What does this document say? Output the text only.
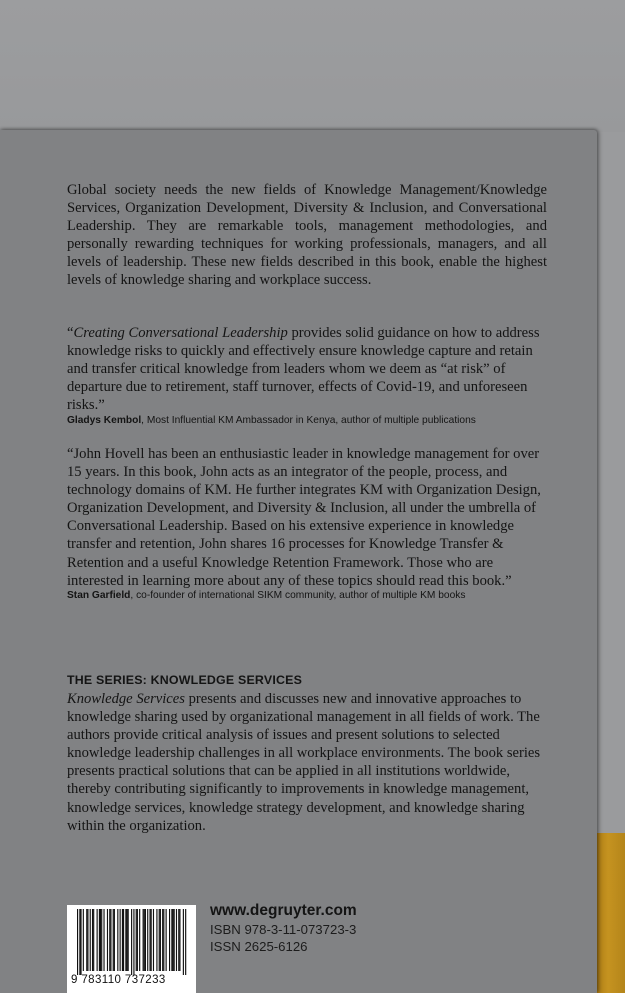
Global society needs the new fields of Knowledge Management/Knowledge Services, Organization Development, Diversity & Inclusion, and Conversational Leadership. They are remarkable tools, management methodologies, and personally rewarding techniques for working professionals, managers, and all levels of leadership. These new fields described in this book, enable the highest levels of knowledge sharing and workplace success.

“Creating Conversational Leadership provides solid guidance on how to address knowledge risks to quickly and effectively ensure knowledge capture and retain and transfer critical knowledge from leaders whom we deem as “at risk” of departure due to retirement, staff turnover, effects of Covid-19, and unforeseen risks.”

Gladys Kembol, Most Influential KM Ambassador in Kenya, author of multiple publications

“John Hovell has been an enthusiastic leader in knowledge management for over 15 years. In this book, John acts as an integrator of the people, process, and technology domains of KM. He further integrates KM with Organization Design, Organization Development, and Diversity & Inclusion, all under the umbrella of Conversational Leadership. Based on his extensive experience in knowledge transfer and retention, John shares 16 processes for Knowledge Transfer & Retention and a useful Knowledge Retention Framework. Those who are interested in learning more about any of these topics should read this book.”

Stan Garfield, co-founder of international SIKM community, author of multiple KM books

THE SERIES: KNOWLEDGE SERVICES

Knowledge Services presents and discusses new and innovative approaches to knowledge sharing used by organizational management in all fields of work. The authors provide critical analysis of issues and present solutions to selected knowledge leadership challenges in all workplace environments. The book series presents practical solutions that can be applied in all institutions worldwide, thereby contributing significantly to improvements in knowledge management, knowledge services, knowledge strategy development, and knowledge sharing within the organization.

9 783110 737233

www.degruyter.com

ISBN 978-3-11-073723-3

ISSN 2625-6126
